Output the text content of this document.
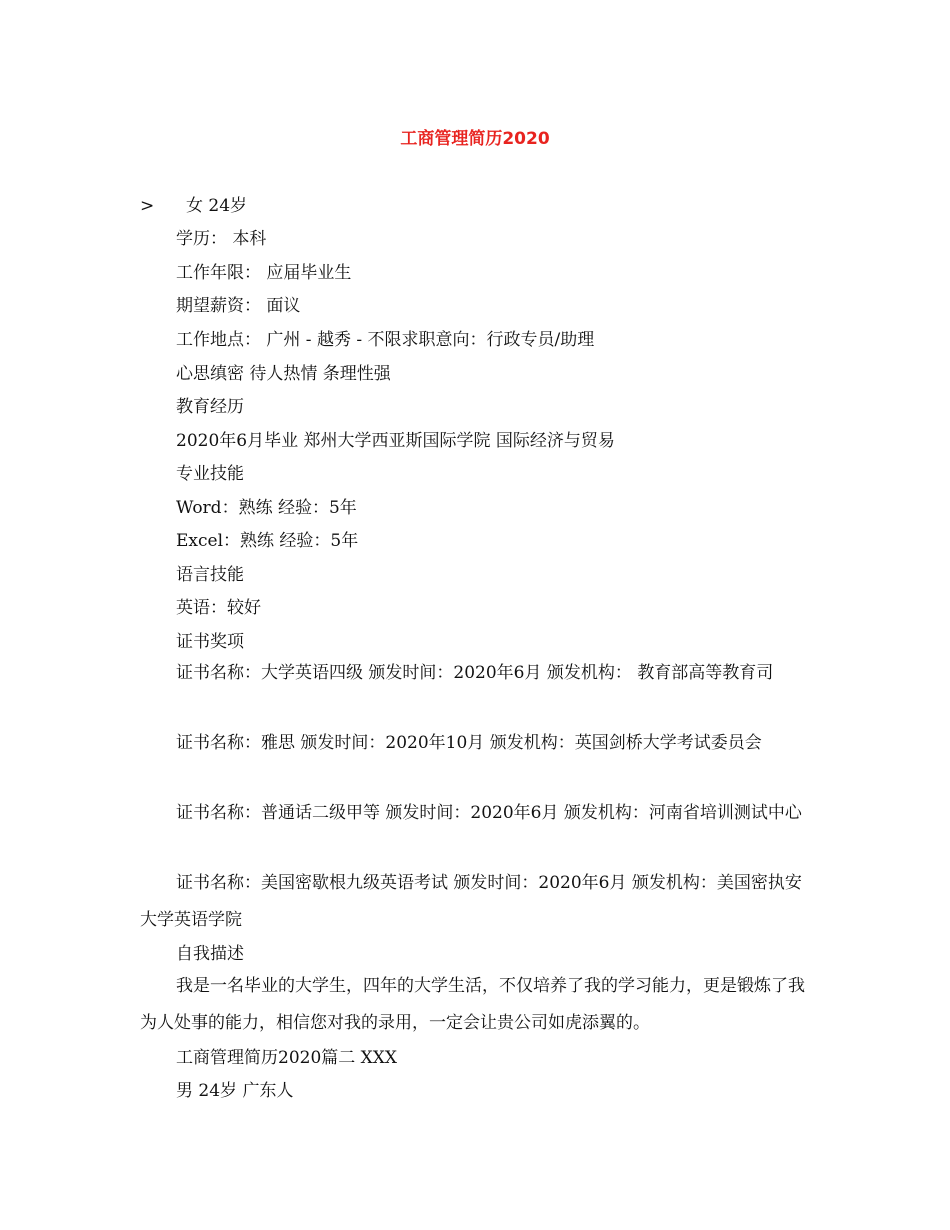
工商管理简历2020
> 女 24岁
学历： 本科
工作年限： 应届毕业生
期望薪资： 面议
工作地点： 广州 - 越秀 - 不限求职意向：行政专员/助理
心思缜密 待人热情 条理性强
教育经历
2020年6月毕业 郑州大学西亚斯国际学院 国际经济与贸易
专业技能
Word：熟练 经验：5年
Excel：熟练 经验：5年
语言技能
英语：较好
证书奖项
证书名称：大学英语四级 颁发时间：2020年6月 颁发机构： 教育部高等教育司
证书名称：雅思 颁发时间：2020年10月 颁发机构：英国剑桥大学考试委员会
证书名称：普通话二级甲等 颁发时间：2020年6月 颁发机构：河南省培训测试中心
证书名称：美国密歇根九级英语考试 颁发时间：2020年6月 颁发机构：美国密执安大学英语学院
自我描述
我是一名毕业的大学生，四年的大学生活，不仅培养了我的学习能力，更是锻炼了我为人处事的能力，相信您对我的录用，一定会让贵公司如虎添翼的。
工商管理简历2020篇二 XXX
男 24岁 广东人
